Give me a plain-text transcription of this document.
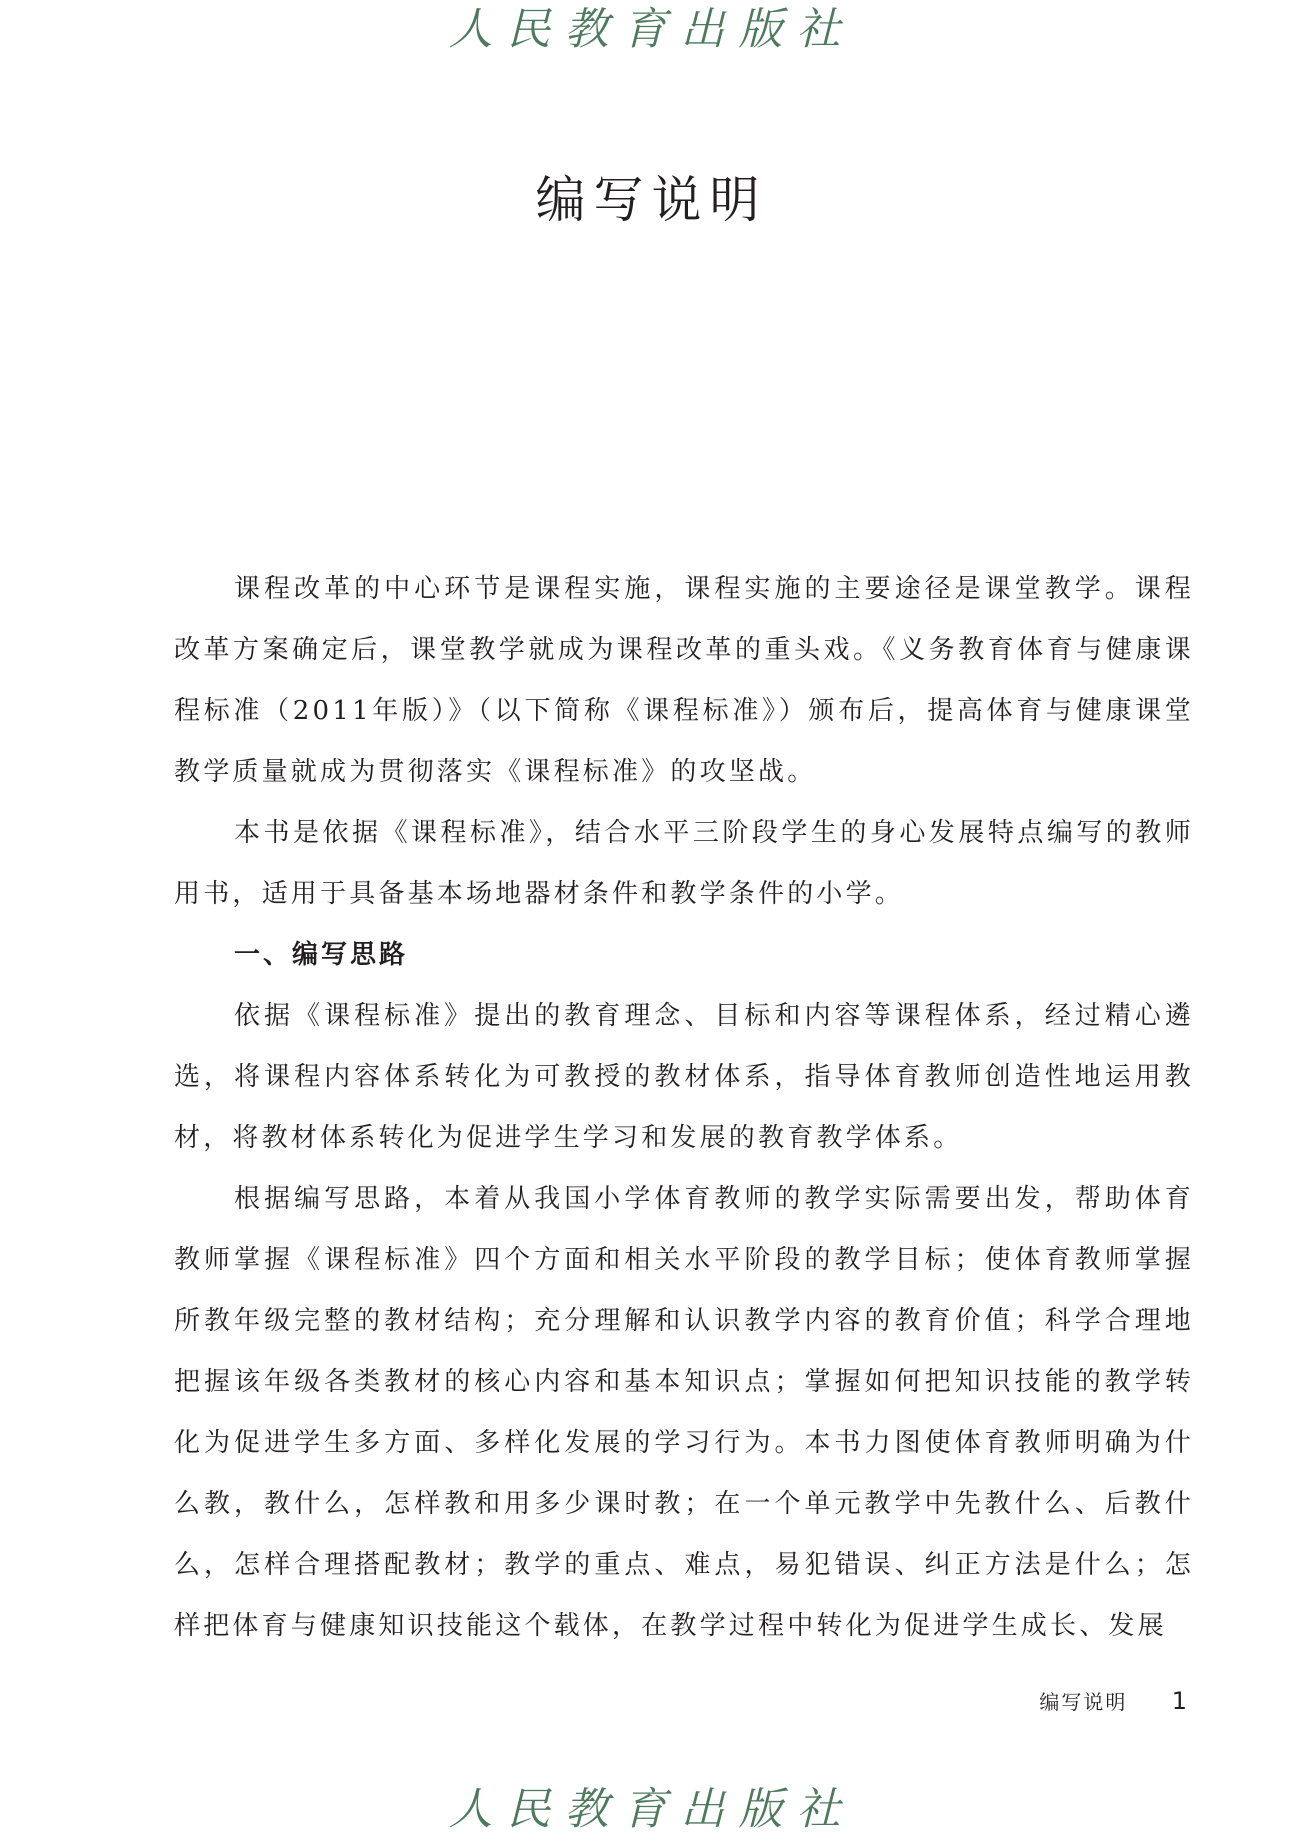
人民教育出版社
编写说明

课程改革的中心环节是课程实施，课程实施的主要途径是课堂教学。课程改革方案确定后，课堂教学就成为课程改革的重头戏。《义务教育体育与健康课程标准（2011年版）》（以下简称《课程标准》）颁布后，提高体育与健康课堂教学质量就成为贯彻落实《课程标准》的攻坚战。

本书是依据《课程标准》，结合水平三阶段学生的身心发展特点编写的教师用书，适用于具备基本场地器材条件和教学条件的小学。

一、编写思路

依据《课程标准》提出的教育理念、目标和内容等课程体系，经过精心遴选，将课程内容体系转化为可教授的教材体系，指导体育教师创造性地运用教材，将教材体系转化为促进学生学习和发展的教育教学体系。

根据编写思路，本着从我国小学体育教师的教学实际需要出发，帮助体育教师掌握《课程标准》四个方面和相关水平阶段的教学目标；使体育教师掌握所教年级完整的教材结构；充分理解和认识教学内容的教育价值；科学合理地把握该年级各类教材的核心内容和基本知识点；掌握如何把知识技能的教学转化为促进学生多方面、多样化发展的学习行为。本书力图使体育教师明确为什么教，教什么，怎样教和用多少课时教；在一个单元教学中先教什么、后教什么，怎样合理搭配教材；教学的重点、难点，易犯错误、纠正方法是什么；怎样把体育与健康知识技能这个载体，在教学过程中转化为促进学生成长、发展

编写说明 1
人民教育出版社
